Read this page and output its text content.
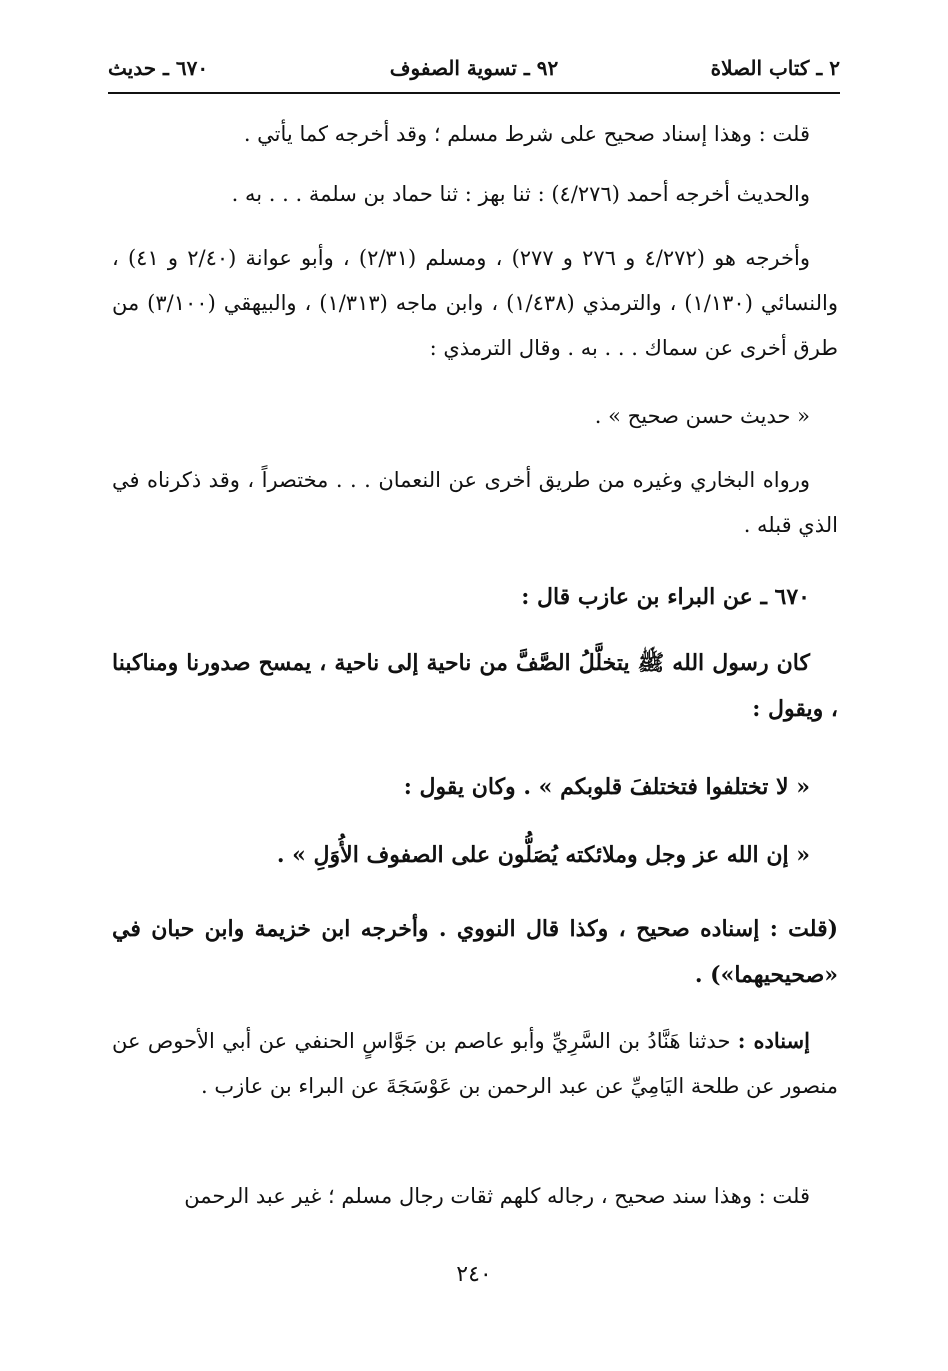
٢ ـ كتاب الصلاة
٩٢ ـ تسوية الصفوف
٦٧٠ ـ حديث

قلت : وهذا إسناد صحيح على شرط مسلم ؛ وقد أخرجه كما يأتي .

والحديث أخرجه أحمد (٤/٢٧٦) : ثنا بهز : ثنا حماد بن سلمة . . . به .

وأخرجه هو (٤/٢٧٢ و ٢٧٦ و ٢٧٧) ، ومسلم (٢/٣١) ، وأبو عوانة (٢/٤٠ و ٤١) ، والنسائي (١/١٣٠) ، والترمذي (١/٤٣٨) ، وابن ماجه (١/٣١٣) ، والبيهقي (٣/١٠٠) من طرق أخرى عن سماك . . . به . وقال الترمذي :

« حديث حسن صحيح » .

ورواه البخاري وغيره من طريق أخرى عن النعمان . . . مختصراً ، وقد ذكرناه في الذي قبله .

٦٧٠ ـ عن البراء بن عازب قال :

كان رسول الله ﷺ يتخلَّلُ الصَّفَّ من ناحية إلى ناحية ، يمسح صدورنا ومناكبنا ، ويقول :

« لا تختلفوا فتختلفَ قلوبكم » . وكان يقول :

« إن الله عز وجل وملائكته يُصَلُّون على الصفوف الأُوَلِ » .

(قلت : إسناده صحيح ، وكذا قال النووي . وأخرجه ابن خزيمة وابن حبان في «صحيحيهما») .

إسناده : حدثنا هَنَّادُ بن السَّرِيِّ وأبو عاصم بن جَوَّاسٍ الحنفي عن أبي الأحوص عن منصور عن طلحة اليَامِيِّ عن عبد الرحمن بن عَوْسَجَةَ عن البراء بن عازب .

قلت : وهذا سند صحيح ، رجاله كلهم ثقات رجال مسلم ؛ غير عبد الرحمن

٢٤٠
